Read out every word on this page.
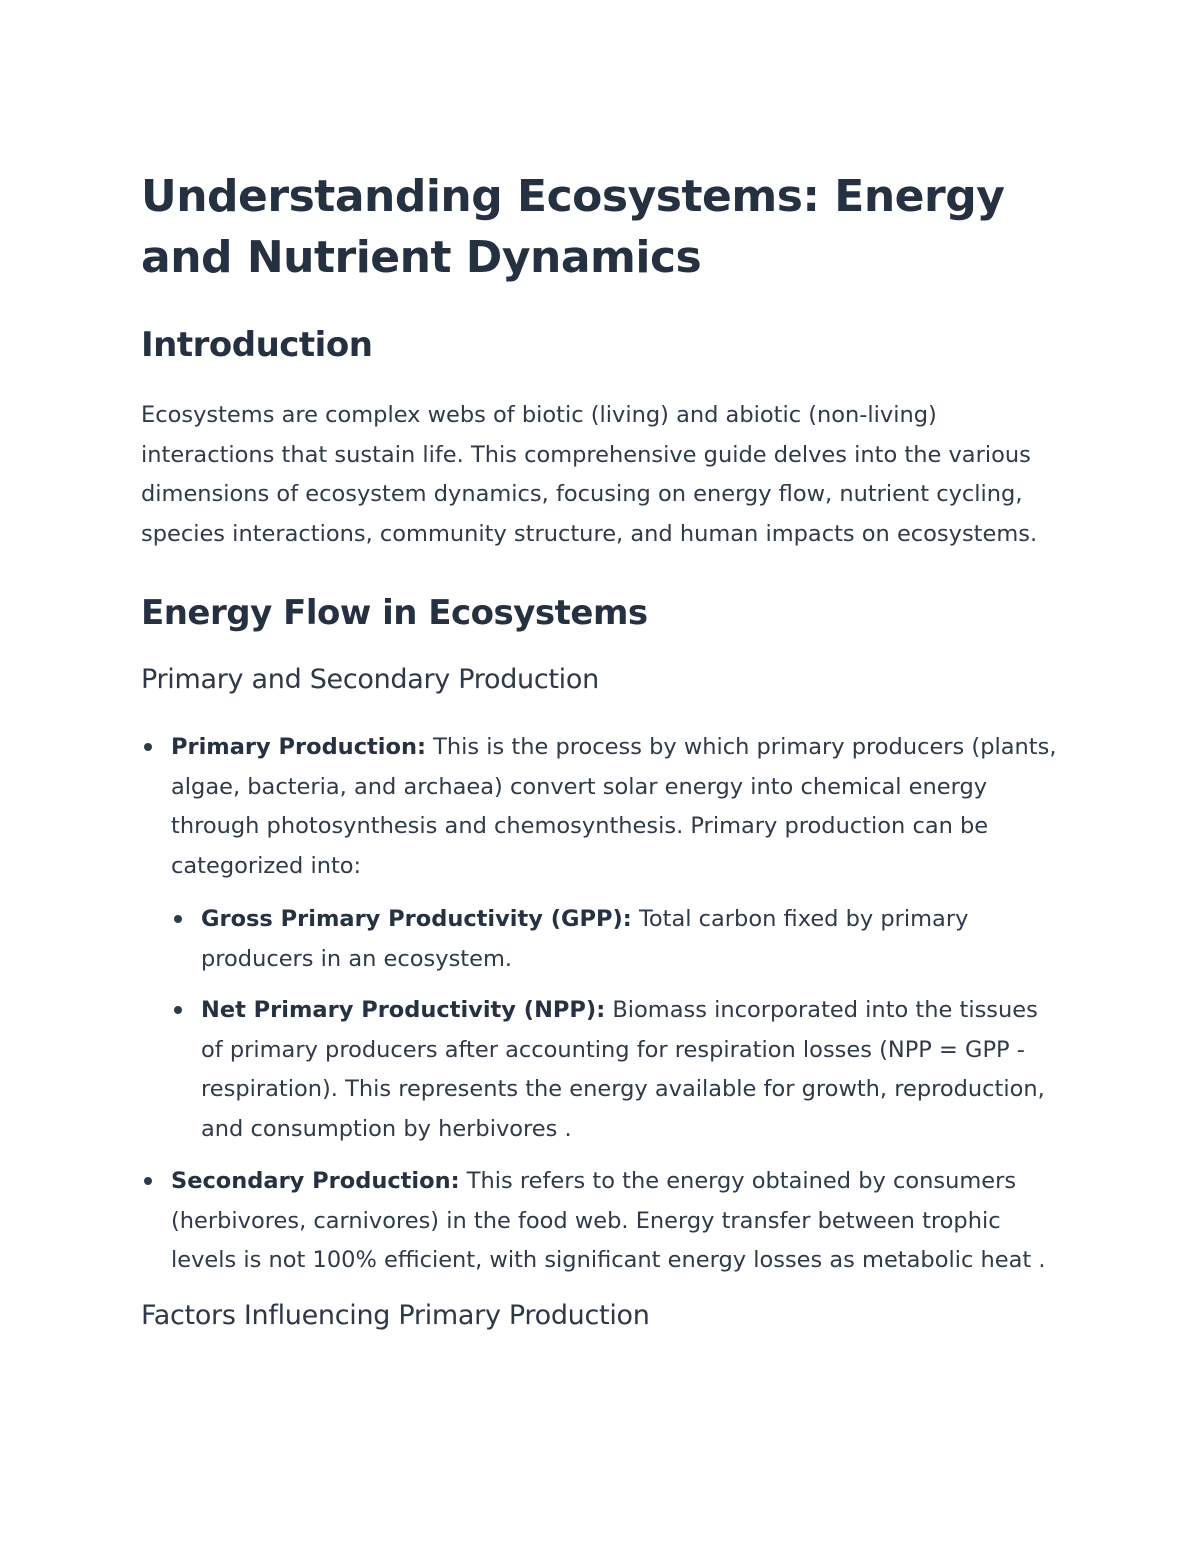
Understanding Ecosystems: Energy and Nutrient Dynamics
Introduction

Ecosystems are complex webs of biotic (living) and abiotic (non-living) interactions that sustain life. This comprehensive guide delves into the various dimensions of ecosystem dynamics, focusing on energy flow, nutrient cycling, species interactions, community structure, and human impacts on ecosystems.

Energy Flow in Ecosystems
Primary and Secondary Production
Primary Production: This is the process by which primary producers (plants, algae, bacteria, and archaea) convert solar energy into chemical energy through photosynthesis and chemosynthesis. Primary production can be categorized into:
Gross Primary Productivity (GPP): Total carbon fixed by primary producers in an ecosystem.
Net Primary Productivity (NPP): Biomass incorporated into the tissues of primary producers after accounting for respiration losses (NPP = GPP - respiration). This represents the energy available for growth, reproduction, and consumption by herbivores .
Secondary Production: This refers to the energy obtained by consumers (herbivores, carnivores) in the food web. Energy transfer between trophic levels is not 100% efficient, with significant energy losses as metabolic heat .
Factors Influencing Primary Production
